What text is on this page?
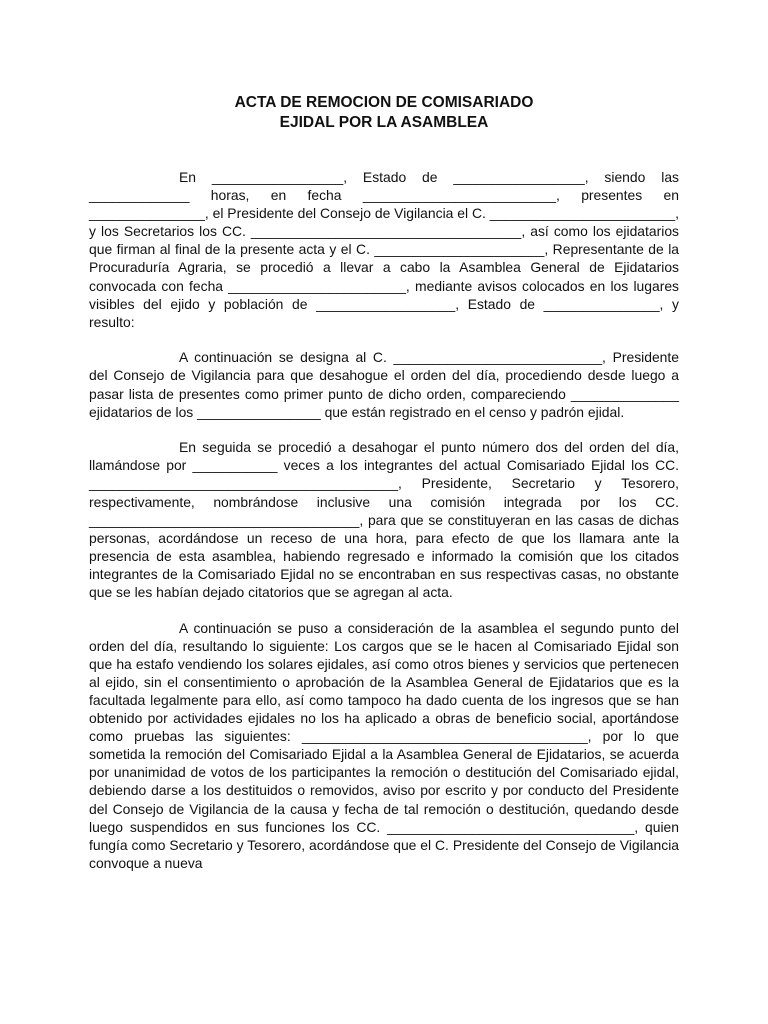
ACTA DE REMOCION DE COMISARIADO
EJIDAL POR LA ASAMBLEA

En _________________, Estado de _________________, siendo las _____________ horas, en fecha _________________________, presentes en _______________, el Presidente del Consejo de Vigilancia el C. ________________________, y los Secretarios los CC. ___________________________________, así como los ejidatarios que firman al final de la presente acta y el C. ______________________, Representante de la Procuraduría Agraria, se procedió a llevar a cabo la Asamblea General de Ejidatarios convocada con fecha _______________________, mediante avisos colocados en los lugares visibles del ejido y población de __________________, Estado de _______________, y resulto:

A continuación se designa al C. ___________________________, Presidente del Consejo de Vigilancia para que desahogue el orden del día, procediendo desde luego a pasar lista de presentes como primer punto de dicho orden, compareciendo ______________ ejidatarios de los ________________ que están registrado en el censo y padrón ejidal.

En seguida se procedió a desahogar el punto número dos del orden del día, llamándose por ___________ veces a los integrantes del actual Comisariado Ejidal los CC. ________________________________________, Presidente, Secretario y Tesorero, respectivamente, nombrándose inclusive una comisión integrada por los CC. ___________________________________, para que se constituyeran en las casas de dichas personas, acordándose un receso de una hora, para efecto de que los llamara ante la presencia de esta asamblea, habiendo regresado e informado la comisión que los citados integrantes de la Comisariado Ejidal no se encontraban en sus respectivas casas, no obstante que se les habían dejado citatorios que se agregan al acta.

A continuación se puso a consideración de la asamblea el segundo punto del orden del día, resultando lo siguiente: Los cargos que se le hacen al Comisariado Ejidal son que ha estafo vendiendo los solares ejidales, así como otros bienes y servicios que pertenecen al ejido, sin el consentimiento o aprobación de la Asamblea General de Ejidatarios que es la facultada legalmente para ello, así como tampoco ha dado cuenta de los ingresos que se han obtenido por actividades ejidales no los ha aplicado a obras de beneficio social, aportándose como pruebas las siguientes: _____________________________________, por lo que sometida la remoción del Comisariado Ejidal a la Asamblea General de Ejidatarios, se acuerda por unanimidad de votos de los participantes la remoción o destitución del Comisariado ejidal, debiendo darse a los destituidos o removidos, aviso por escrito y por conducto del Presidente del Consejo de Vigilancia de la causa y fecha de tal remoción o destitución, quedando desde luego suspendidos en sus funciones los CC. ________________________________, quien fungía como Secretario y Tesorero, acordándose que el C. Presidente del Consejo de Vigilancia convoque a nueva
